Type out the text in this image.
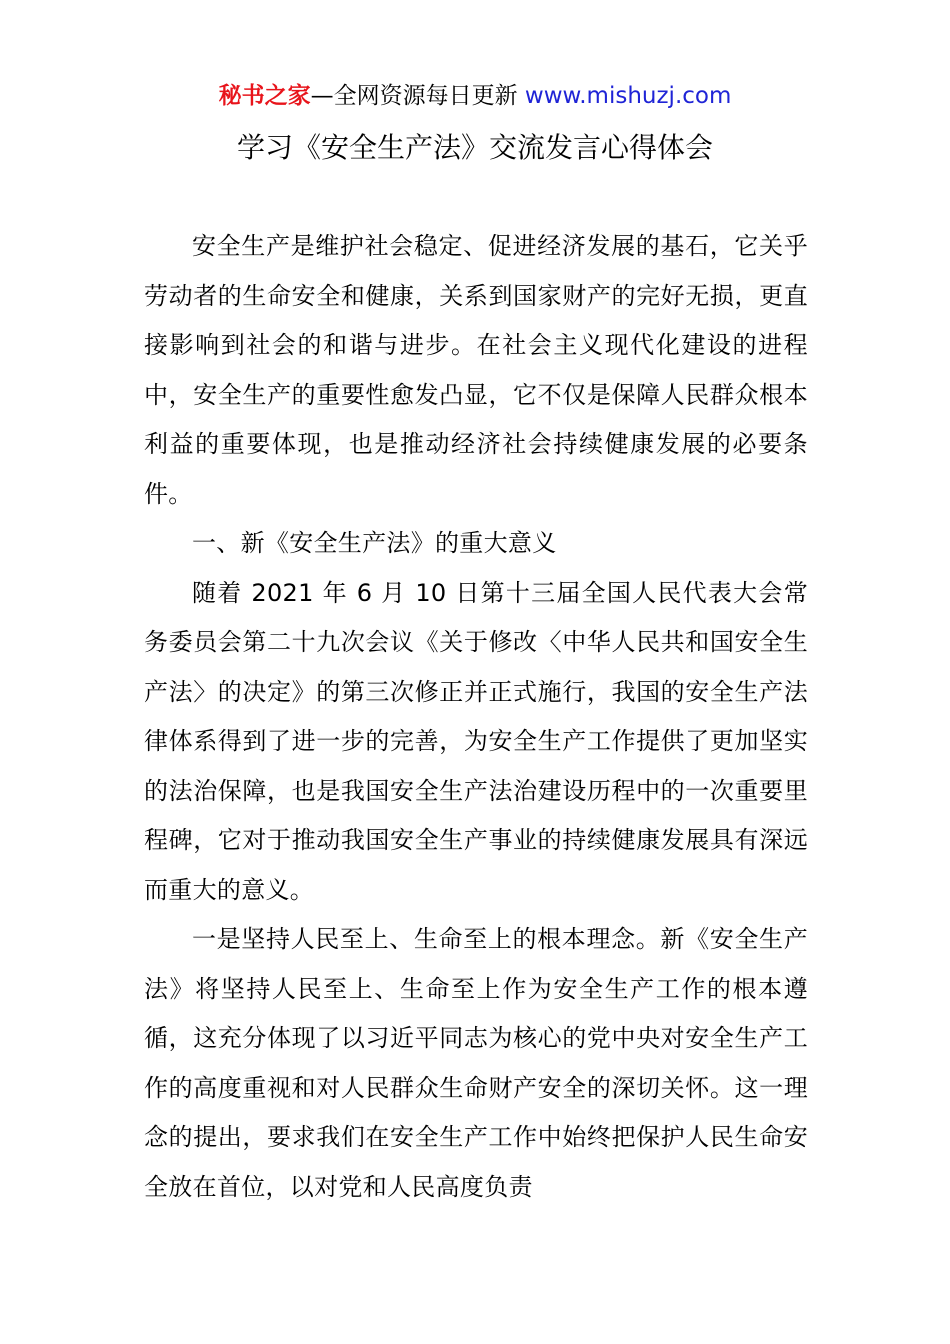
秘书之家—全网资源每日更新 www.mishuzj.com
学习《安全生产法》交流发言心得体会

安全生产是维护社会稳定、促进经济发展的基石，它关乎劳动者的生命安全和健康，关系到国家财产的完好无损，更直接影响到社会的和谐与进步。在社会主义现代化建设的进程中，安全生产的重要性愈发凸显，它不仅是保障人民群众根本利益的重要体现，也是推动经济社会持续健康发展的必要条件。

一、新《安全生产法》的重大意义

随着 2021 年 6 月 10 日第十三届全国人民代表大会常务委员会第二十九次会议《关于修改〈中华人民共和国安全生产法〉的决定》的第三次修正并正式施行，我国的安全生产法律体系得到了进一步的完善，为安全生产工作提供了更加坚实的法治保障，也是我国安全生产法治建设历程中的一次重要里程碑，它对于推动我国安全生产事业的持续健康发展具有深远而重大的意义。

一是坚持人民至上、生命至上的根本理念。新《安全生产法》将坚持人民至上、生命至上作为安全生产工作的根本遵循，这充分体现了以习近平同志为核心的党中央对安全生产工作的高度重视和对人民群众生命财产安全的深切关怀。这一理念的提出，要求我们在安全生产工作中始终把保护人民生命安全放在首位，以对党和人民高度负责
